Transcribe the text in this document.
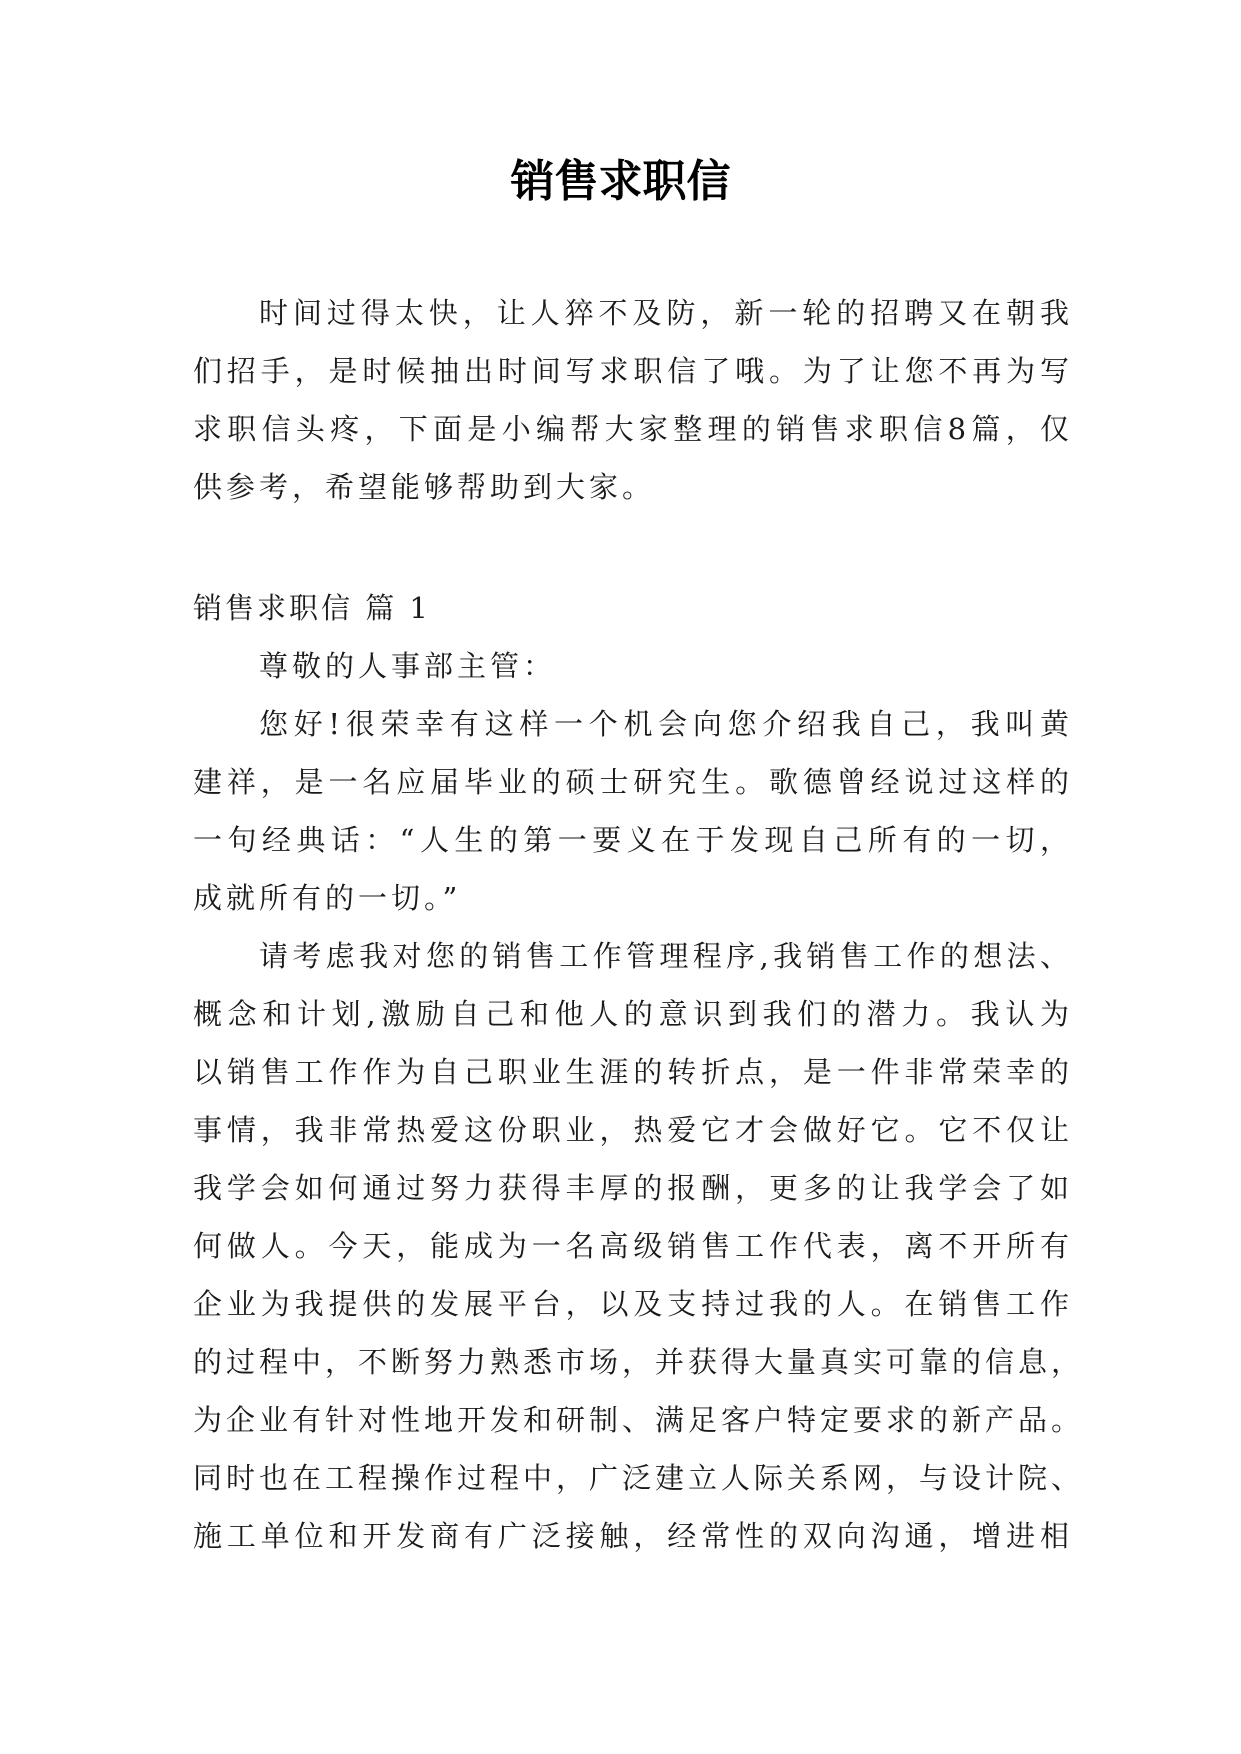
销售求职信

时间过得太快，让人猝不及防，新一轮的招聘又在朝我

们招手，是时候抽出时间写求职信了哦。为了让您不再为写

求职信头疼，下面是小编帮大家整理的销售求职信8篇，仅

供参考，希望能够帮助到大家。

销售求职信 篇 1

尊敬的人事部主管：

您好!很荣幸有这样一个机会向您介绍我自己，我叫黄

建祥，是一名应届毕业的硕士研究生。歌德曾经说过这样的

一句经典话：“人生的第一要义在于发现自己所有的一切，

成就所有的一切。”

请考虑我对您的销售工作管理程序,我销售工作的想法、

概念和计划,激励自己和他人的意识到我们的潜力。我认为

以销售工作作为自己职业生涯的转折点，是一件非常荣幸的

事情，我非常热爱这份职业，热爱它才会做好它。它不仅让

我学会如何通过努力获得丰厚的报酬，更多的让我学会了如

何做人。今天，能成为一名高级销售工作代表，离不开所有

企业为我提供的发展平台，以及支持过我的人。在销售工作

的过程中，不断努力熟悉市场，并获得大量真实可靠的信息，

为企业有针对性地开发和研制、满足客户特定要求的新产品。

同时也在工程操作过程中，广泛建立人际关系网，与设计院、

施工单位和开发商有广泛接触，经常性的双向沟通，增进相
